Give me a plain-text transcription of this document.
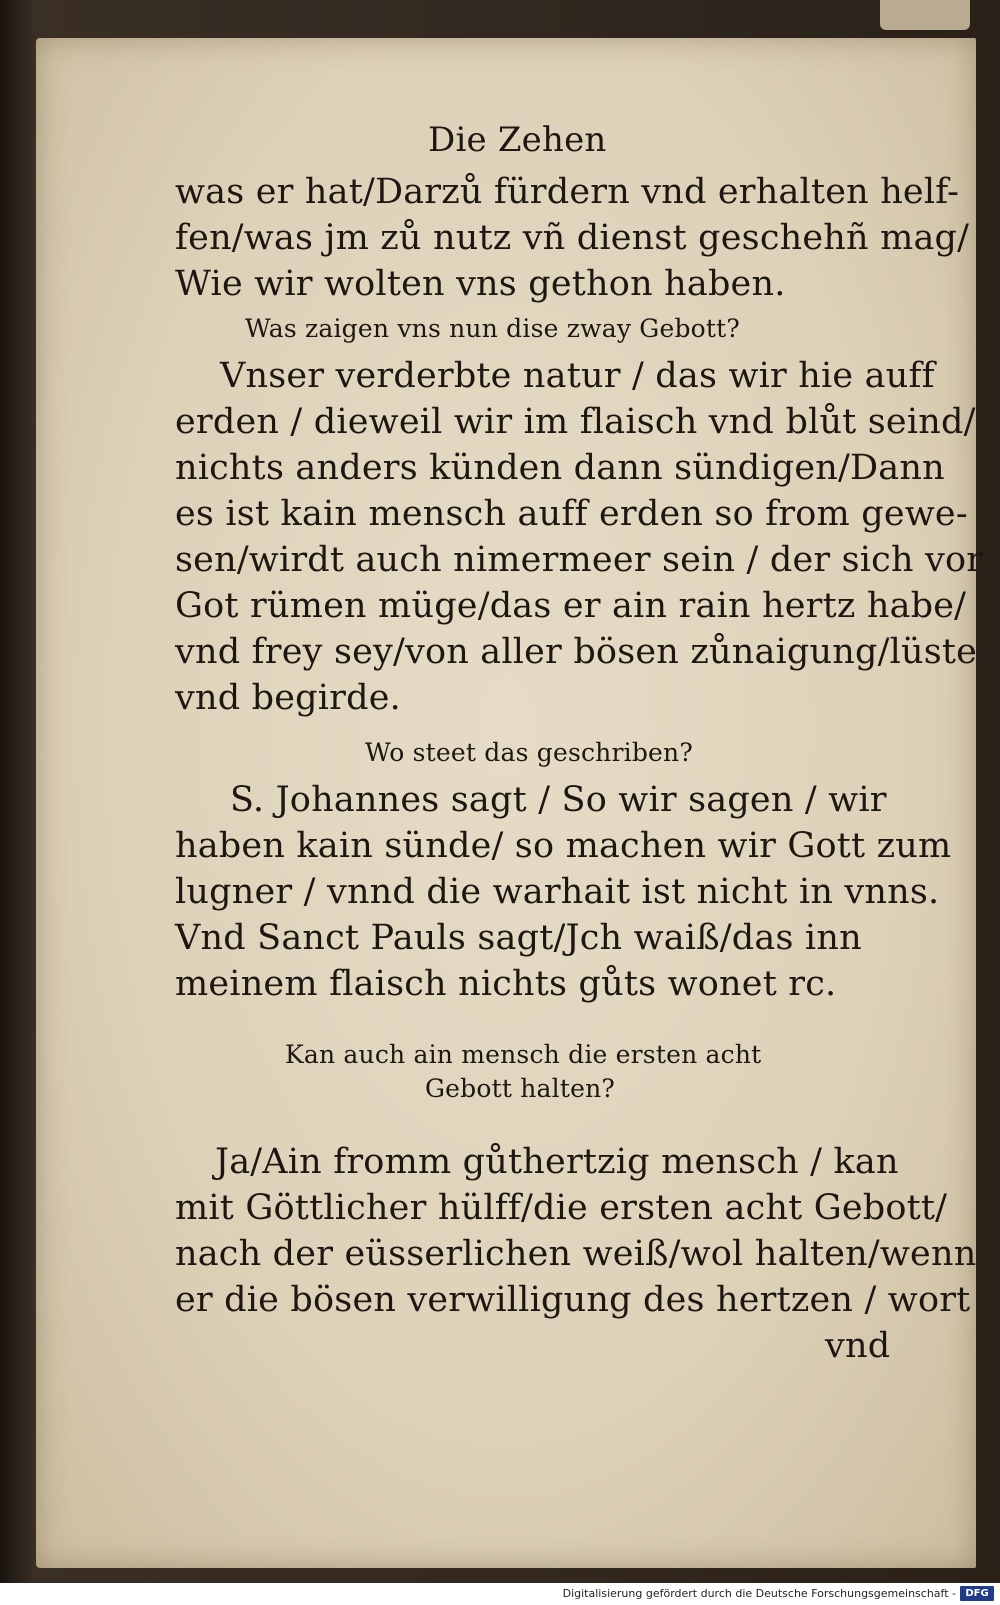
Die Zehen
was er hat/Darzů fürdern vnd erhalten helf-
fen/was jm zů nutz vñ dienst geschehñ mag/
Wie wir wolten vns gethon haben.
Was zaigen vns nun dise zway Gebott?
Vnser verderbte natur / das wir hie auff
erden / dieweil wir im flaisch vnd blůt seind/
nichts anders künden dann sündigen/Dann
es ist kain mensch auff erden so from gewe-
sen/wirdt auch nimermeer sein / der sich vor
Got rümen müge/das er ain rain hertz habe/
vnd frey sey/von aller bösen zůnaigung/lüste
vnd begirde.
Wo steet das geschriben?
S. Johannes sagt / So wir sagen / wir
haben kain sünde/ so machen wir Gott zum
lugner / vnnd die warhait ist nicht in vnns.
Vnd Sanct Pauls sagt/Jch waiß/das inn
meinem flaisch nichts gůts wonet rc.
Kan auch ain mensch die ersten acht
Gebott halten?
Ja/Ain fromm gůthertzig mensch / kan
mit Göttlicher hülff/die ersten acht Gebott/
nach der eüsserlichen weiß/wol halten/wenn
er die bösen verwilligung des hertzen / wort
vnd
Digitalisierung gefördert durch die Deutsche Forschungsgemeinschaft - DFG
